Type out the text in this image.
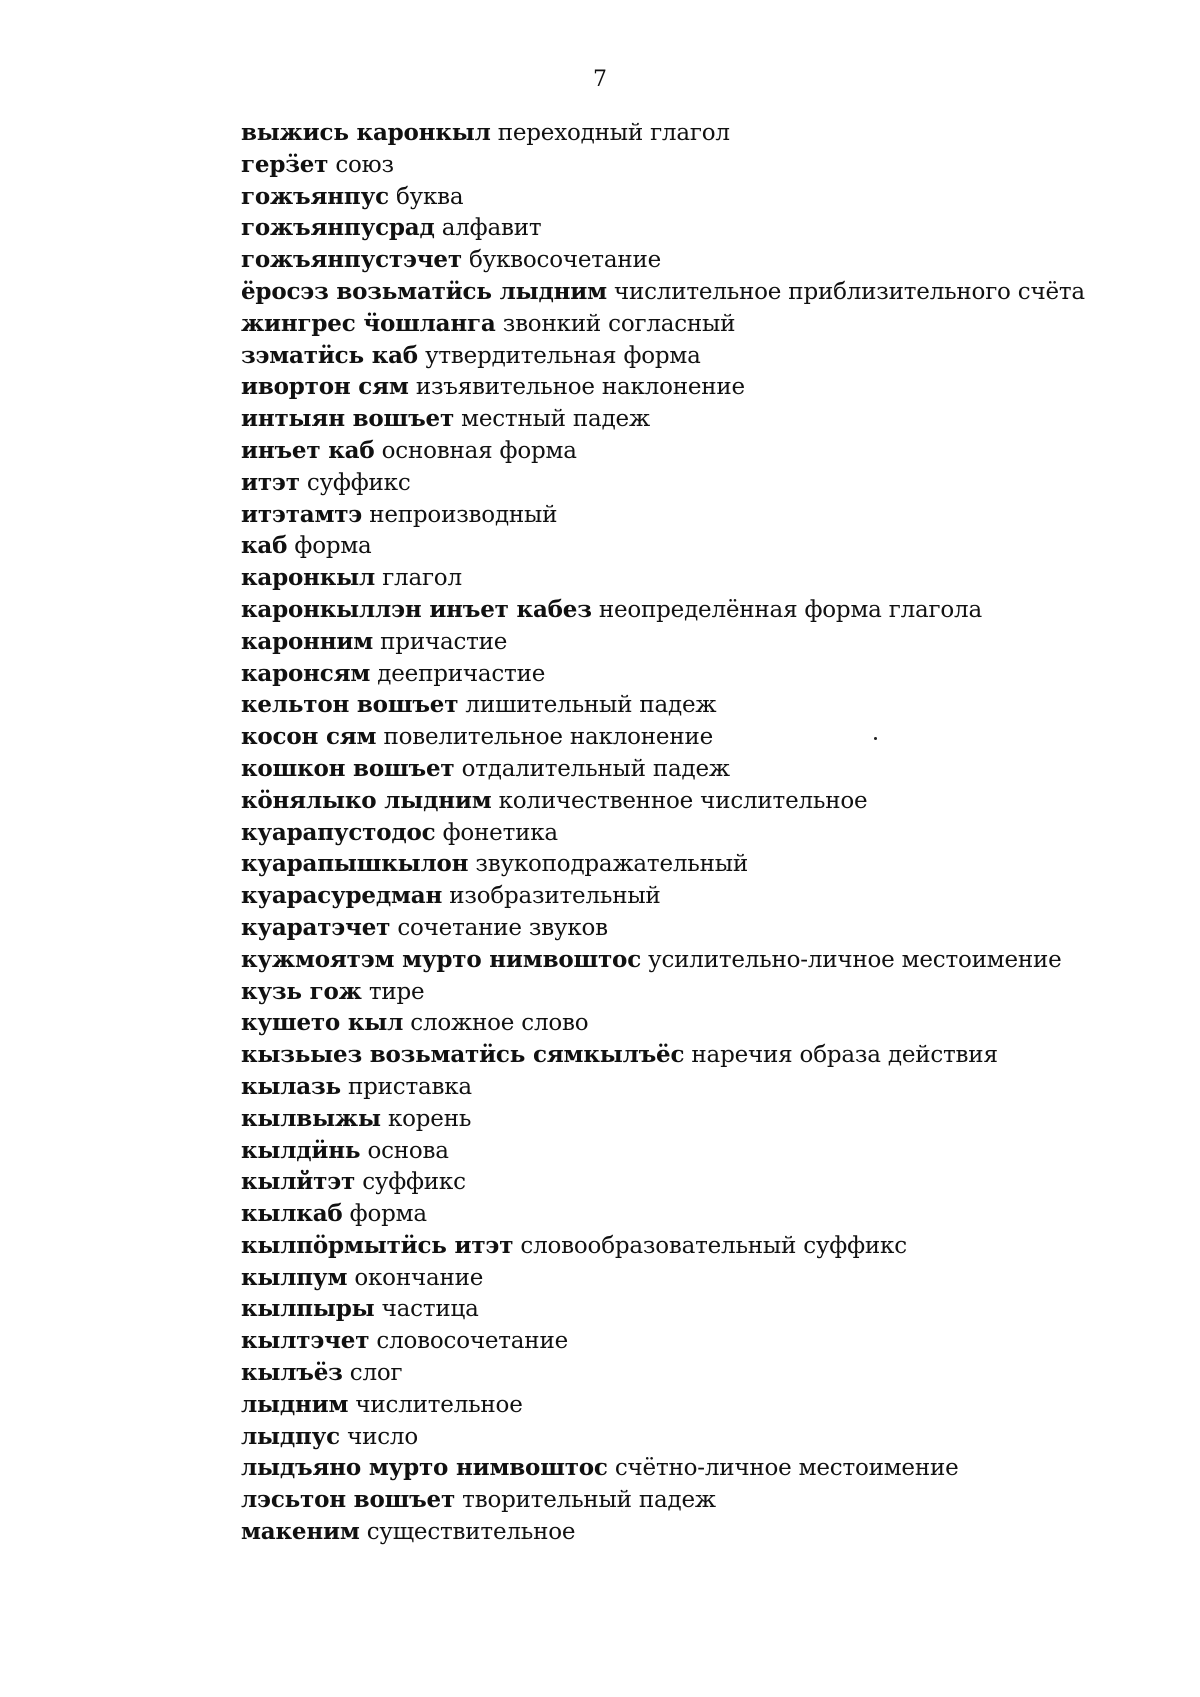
7
выжись каронкыл переходный глагол
герӟет союз
гожъянпус буква
гожъянпусрад алфавит
гожъянпустэчет буквосочетание
ёросэз возьматӥсь лыдним числительное приблизительного счёта
жингрес ӵошланга звонкий согласный
зэматӥсь каб утвердительная форма
ивортон сям изъявительное наклонение
интыян вошъет местный падеж
инъет каб основная форма
итэт суффикс
итэтамтэ непроизводный
каб форма
каронкыл глагол
каронкыллэн инъет кабез неопределённая форма глагола
каронним причастие
каронсям деепричастие
кельтон вошъет лишительный падеж
косон сям повелительное наклонение
кошкон вошъет отдалительный падеж
кӧнялыко лыдним количественное числительное
куарапустодос фонетика
куарапышкылон звукоподражательный
куарасуредман изобразительный
куаратэчет сочетание звуков
кужмоятэм мурто нимвоштос усилительно-личное местоимение
кузь гож тире
кушето кыл сложное слово
кызьыез возьматӥсь сямкылъёс наречия образа действия
кылазь приставка
кылвыжы корень
кылдӥнь основа
кылйтэт суффикс
кылкаб форма
кылпӧрмытӥсь итэт словообразовательный суффикс
кылпум окончание
кылпыры частица
кылтэчет словосочетание
кылъёз слог
лыдним числительное
лыдпус число
лыдъяно мурто нимвоштос счётно-личное местоимение
лэсьтон вошъет творительный падеж
макеним существительное
